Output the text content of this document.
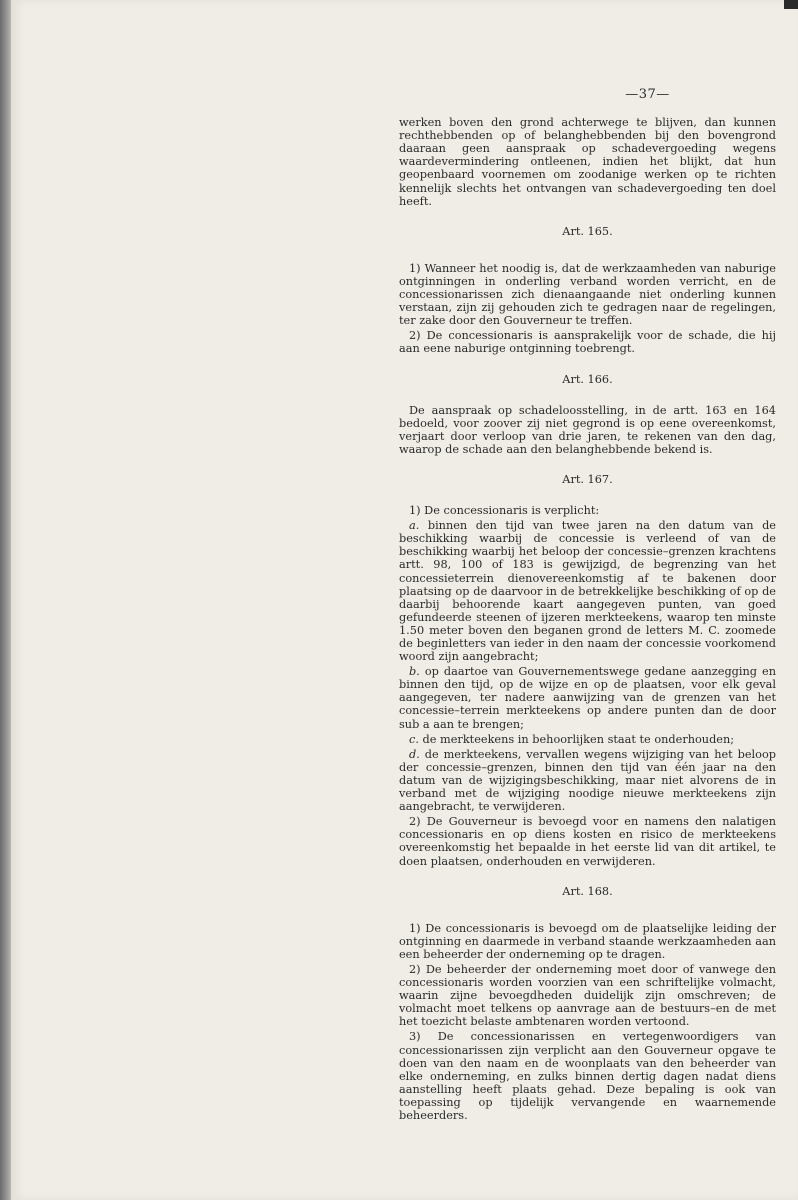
—37—

werken boven den grond achterwege te blijven, dan kunnen rechthebbenden op of belanghebbenden bij den bovengrond daaraan geen aanspraak op schadevergoeding wegens waardevermindering ontleenen, indien het blijkt, dat hun geopenbaard voornemen om zoodanige werken op te richten kennelijk slechts het ontvangen van schadevergoeding ten doel heeft.

Art. 165.

1) Wanneer het noodig is, dat de werkzaamheden van naburige ontginningen in onderling verband worden verricht, en de concessionarissen zich dienaangaande niet onderling kunnen verstaan, zijn zij gehouden zich te gedragen naar de regelingen, ter zake door den Gouverneur te treffen.

2) De concessionaris is aansprakelijk voor de schade, die hij aan eene naburige ontginning toebrengt.

Art. 166.

De aanspraak op schadeloosstelling, in de artt. 163 en 164 bedoeld, voor zoover zij niet gegrond is op eene overeenkomst, verjaart door verloop van drie jaren, te rekenen van den dag, waarop de schade aan den belanghebbende bekend is.

Art. 167.

1) De concessionaris is verplicht:

a. binnen den tijd van twee jaren na den datum van de beschikking waarbij de concessie is verleend of van de beschikking waarbij het beloop der concessie–grenzen krachtens artt. 98, 100 of 183 is gewijzigd, de begrenzing van het concessieterrein dienovereenkomstig af te bakenen door plaatsing op de daarvoor in de betrekkelijke beschikking of op de daarbij behoorende kaart aangegeven punten, van goed gefundeerde steenen of ijzeren merkteekens, waarop ten minste 1.50 meter boven den beganen grond de letters M. C. zoomede de beginletters van ieder in den naam der concessie voorkomend woord zijn aangebracht;

b. op daartoe van Gouvernementswege gedane aanzegging en binnen den tijd, op de wijze en op de plaatsen, voor elk geval aangegeven, ter nadere aanwijzing van de grenzen van het concessie–terrein merkteekens op andere punten dan de door sub a aan te brengen;

c. de merkteekens in behoorlijken staat te onderhouden;

d. de merkteekens, vervallen wegens wijziging van het beloop der concessie–grenzen, binnen den tijd van één jaar na den datum van de wijzigingsbeschikking, maar niet alvorens de in verband met de wijziging noodige nieuwe merkteekens zijn aangebracht, te verwijderen.

2) De Gouverneur is bevoegd voor en namens den nalatigen concessionaris en op diens kosten en risico de merkteekens overeenkomstig het bepaalde in het eerste lid van dit artikel, te doen plaatsen, onderhouden en verwijderen.

Art. 168.

1) De concessionaris is bevoegd om de plaatselijke leiding der ontginning en daarmede in verband staande werkzaamheden aan een beheerder der onderneming op te dragen.

2) De beheerder der onderneming moet door of vanwege den concessionaris worden voorzien van een schriftelijke volmacht, waarin zijne bevoegdheden duidelijk zijn omschreven; de volmacht moet telkens op aanvrage aan de bestuurs–en de met het toezicht belaste ambtenaren worden vertoond.

3) De concessionarissen en vertegenwoordigers van concessionarissen zijn verplicht aan den Gouverneur opgave te doen van den naam en de woonplaats van den beheerder van elke onderneming, en zulks binnen dertig dagen nadat diens aanstelling heeft plaats gehad. Deze bepaling is ook van toepassing op tijdelijk vervangende en waarnemende beheerders.
